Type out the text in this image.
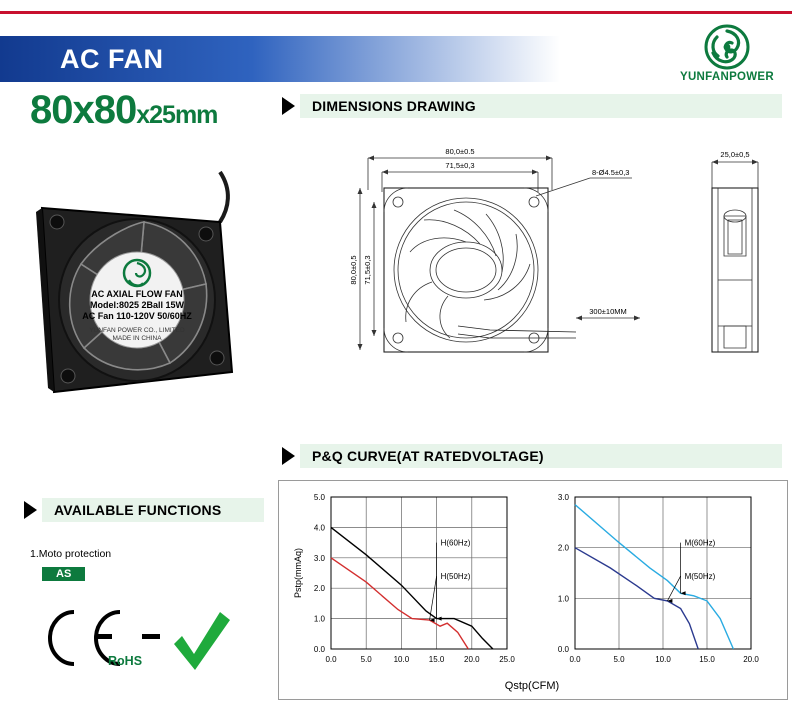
AC FAN
YUNFANPOWER
80x80x25mm
AC AXIAL FLOW FAN
Model:8025 2Ball 15W
AC Fan 110-120V 50/60HZ
YUNFAN POWER CO., LIMITED
MADE IN CHINA
DIMENSIONS DRAWING
80,0±0.5
71,5±0,3
80,0±0,5 71,5±0,3
8-Ø4.5±0,3
300±10MM
25,0±0,5
AVAILABLE FUNCTIONS
1.Moto protection
AS
RoHS
P&Q CURVE(AT RATEDVOLTAGE)
0.0	5.0	10.0 15.0 20.0 25.0
0.0
1.0
2.0
3.0
4.0
5.0
Pstp(mmAq)
H(60Hz)
H(50Hz)
0.0	5.0	10.0	15.0	20.0
0.0
1.0
2.0
3.0
M(60Hz)
M(50Hz)
Qstp(CFM)
